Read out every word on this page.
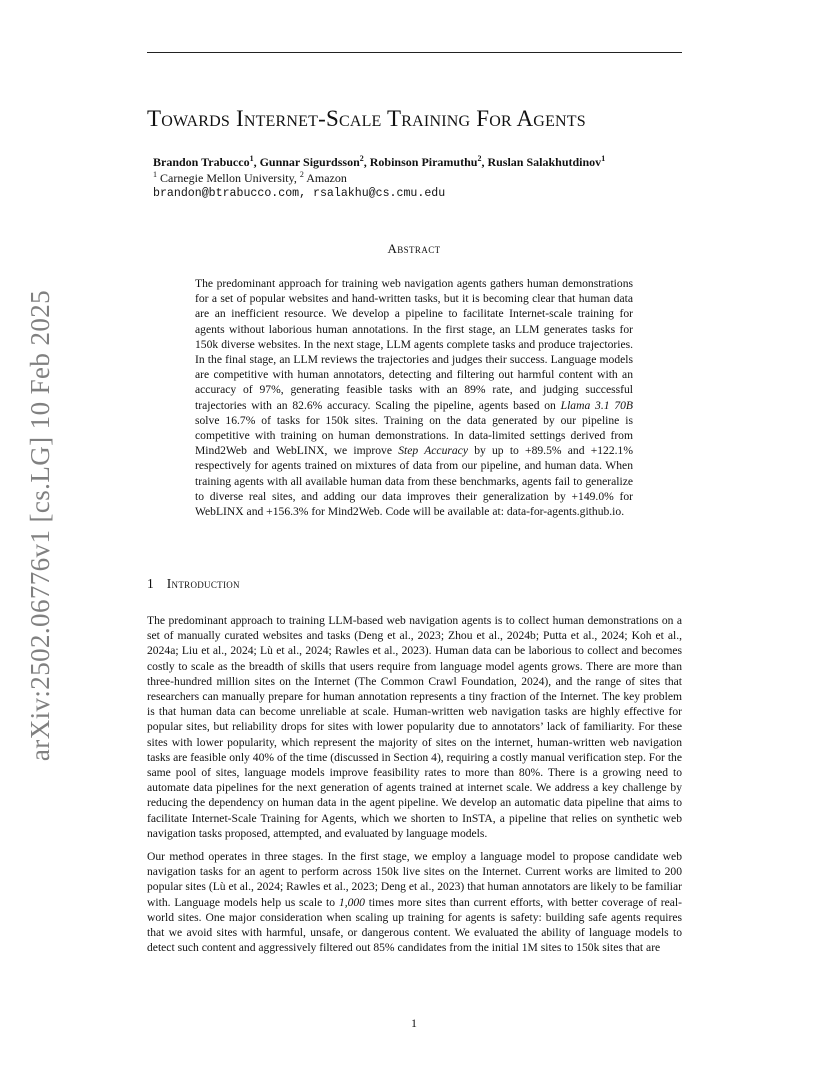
arXiv:2502.06776v1 [cs.LG] 10 Feb 2025
Towards Internet-Scale Training For Agents
Brandon Trabucco$^1$, Gunnar Sigurdsson$^2$, Robinson Piramuthu$^2$, Ruslan Salakhutdinov$^1$
$^1$ Carnegie Mellon University, $^2$ Amazon
brandon@btrabucco.com, rsalakhu@cs.cmu.edu
Abstract
The predominant approach for training web navigation agents gathers human demonstrations for a set of popular websites and hand-written tasks, but it is becoming clear that human data are an inefficient resource. We develop a pipeline to facilitate Internet-scale training for agents without laborious human annotations. In the first stage, an LLM generates tasks for 150k diverse websites. In the next stage, LLM agents complete tasks and produce trajectories. In the final stage, an LLM reviews the trajectories and judges their success. Language models are competitive with human annotators, detecting and filtering out harmful content with an accuracy of 97%, generating feasible tasks with an 89% rate, and judging successful trajectories with an 82.6% accuracy. Scaling the pipeline, agents based on Llama 3.1 70B solve 16.7% of tasks for 150k sites. Training on the data generated by our pipeline is competitive with training on human demonstrations. In data-limited settings derived from Mind2Web and WebLINX, we improve Step Accuracy by up to +89.5% and +122.1% respectively for agents trained on mixtures of data from our pipeline, and human data. When training agents with all available human data from these benchmarks, agents fail to generalize to diverse real sites, and adding our data improves their generalization by +149.0% for WebLINX and +156.3% for Mind2Web. Code will be available at: data-for-agents.github.io.
1 Introduction

The predominant approach to training LLM-based web navigation agents is to collect human demonstrations on a set of manually curated websites and tasks (Deng et al., 2023; Zhou et al., 2024b; Putta et al., 2024; Koh et al., 2024a; Liu et al., 2024; Lù et al., 2024; Rawles et al., 2023). Human data can be laborious to collect and becomes costly to scale as the breadth of skills that users require from language model agents grows. There are more than three-hundred million sites on the Internet (The Common Crawl Foundation, 2024), and the range of sites that researchers can manually prepare for human annotation represents a tiny fraction of the Internet. The key problem is that human data can become unreliable at scale. Human-written web navigation tasks are highly effective for popular sites, but reliability drops for sites with lower popularity due to annotators’ lack of familiarity. For these sites with lower popularity, which represent the majority of sites on the internet, human-written web navigation tasks are feasible only 40% of the time (discussed in Section 4), requiring a costly manual verification step. For the same pool of sites, language models improve feasibility rates to more than 80%. There is a growing need to automate data pipelines for the next generation of agents trained at internet scale. We address a key challenge by reducing the dependency on human data in the agent pipeline. We develop an automatic data pipeline that aims to facilitate Internet-Scale Training for Agents, which we shorten to InSTA, a pipeline that relies on synthetic web navigation tasks proposed, attempted, and evaluated by language models.

Our method operates in three stages. In the first stage, we employ a language model to propose candidate web navigation tasks for an agent to perform across 150k live sites on the Internet. Current works are limited to 200 popular sites (Lù et al., 2024; Rawles et al., 2023; Deng et al., 2023) that human annotators are likely to be familiar with. Language models help us scale to 1,000 times more sites than current efforts, with better coverage of real-world sites. One major consideration when scaling up training for agents is safety: building safe agents requires that we avoid sites with harmful, unsafe, or dangerous content. We evaluated the ability of language models to detect such content and aggressively filtered out 85% candidates from the initial 1M sites to 150k sites that are

1
